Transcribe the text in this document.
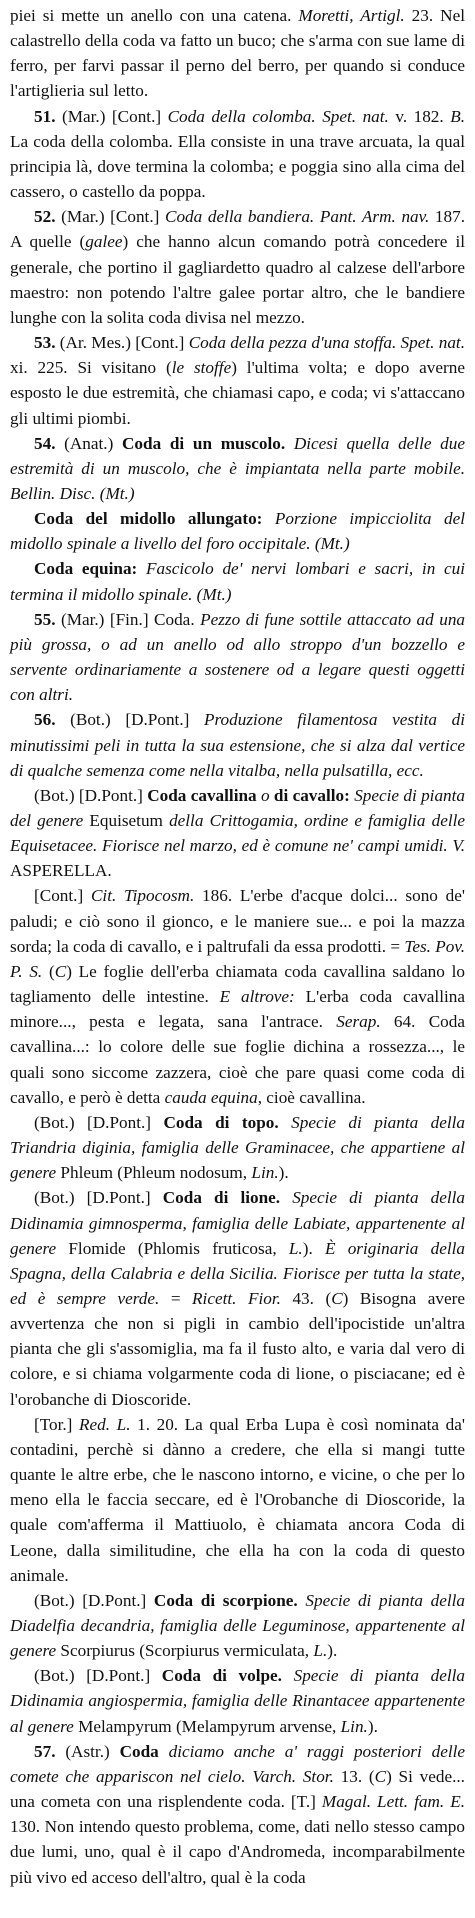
piei si mette un anello con una catena. Moretti, Artigl. 23. Nel calastrello della coda va fatto un buco; che s'arma con sue lame di ferro, per farvi passar il perno del berro, per quando si conduce l'artiglieria sul letto.

51. (Mar.) [Cont.] Coda della colomba. Spet. nat. v. 182. B. La coda della colomba. Ella consiste in una trave arcuata, la qual principia là, dove termina la colomba; e poggia sino alla cima del cassero, o castello da poppa.

52. (Mar.) [Cont.] Coda della bandiera. Pant. Arm. nav. 187. A quelle (galee) che hanno alcun comando potrà concedere il generale, che portino il gagliardetto quadro al calzese dell'arbore maestro: non potendo l'altre galee portar altro, che le bandiere lunghe con la solita coda divisa nel mezzo.

53. (Ar. Mes.) [Cont.] Coda della pezza d'una stoffa. Spet. nat. xi. 225. Si visitano (le stoffe) l'ultima volta; e dopo averne esposto le due estremità, che chiamasi capo, e coda; vi s'attaccano gli ultimi piombi.

54. (Anat.) Coda di un muscolo. Dicesi quella delle due estremità di un muscolo, che è impiantata nella parte mobile. Bellin. Disc. (Mt.)

Coda del midollo allungato: Porzione impicciolita del midollo spinale a livello del foro occipitale. (Mt.)

Coda equina: Fascicolo de' nervi lombari e sacri, in cui termina il midollo spinale. (Mt.)

55. (Mar.) [Fin.] Coda. Pezzo di fune sottile attaccato ad una più grossa, o ad un anello od allo stroppo d'un bozzello e servente ordinariamente a sostenere od a legare questi oggetti con altri.

56. (Bot.) [D.Pont.] Produzione filamentosa vestita di minutissimi peli in tutta la sua estensione, che si alza dal vertice di qualche semenza come nella vitalba, nella pulsatilla, ecc.

(Bot.) [D.Pont.] Coda cavallina o di cavallo: Specie di pianta del genere Equisetum della Crittogamia, ordine e famiglia delle Equisetacee. Fiorisce nel marzo, ed è comune ne' campi umidi. V. ASPERELLA.

[Cont.] Cit. Tipocosm. 186. L'erbe d'acque dolci... sono de' paludi; e ciò sono il gionco, e le maniere sue... e poi la mazza sorda; la coda di cavallo, e i paltrufali da essa prodotti. = Tes. Pov. P. S. (C) Le foglie dell'erba chiamata coda cavallina saldano lo tagliamento delle intestine. E altrove: L'erba coda cavallina minore..., pesta e legata, sana l'antrace. Serap. 64. Coda cavallina...: lo colore delle sue foglie dichina a rossezza..., le quali sono siccome zazzera, cioè che pare quasi come coda di cavallo, e però è detta cauda equina, cioè cavallina.

(Bot.) [D.Pont.] Coda di topo. Specie di pianta della Triandria diginia, famiglia delle Graminacee, che appartiene al genere Phleum (Phleum nodosum, Lin.).

(Bot.) [D.Pont.] Coda di lione. Specie di pianta della Didinamia gimnosperma, famiglia delle Labiate, appartenente al genere Flomide (Phlomis fruticosa, L.). È originaria della Spagna, della Calabria e della Sicilia. Fiorisce per tutta la state, ed è sempre verde. = Ricett. Fior. 43. (C) Bisogna avere avvertenza che non si pigli in cambio dell'ipocistide un'altra pianta che gli s'assomiglia, ma fa il fusto alto, e varia dal vero di colore, e si chiama volgarmente coda di lione, o pisciacane; ed è l'orobanche di Dioscoride.

[Tor.] Red. L. 1. 20. La qual Erba Lupa è così nominata da' contadini, perchè si dànno a credere, che ella si mangi tutte quante le altre erbe, che le nascono intorno, e vicine, o che per lo meno ella le faccia seccare, ed è l'Orobanche di Dioscoride, la quale com'afferma il Mattiuolo, è chiamata ancora Coda di Leone, dalla similitudine, che ella ha con la coda di questo animale.

(Bot.) [D.Pont.] Coda di scorpione. Specie di pianta della Diadelfia decandria, famiglia delle Leguminose, appartenente al genere Scorpiurus (Scorpiurus vermiculata, L.).

(Bot.) [D.Pont.] Coda di volpe. Specie di pianta della Didinamia angiospermia, famiglia delle Rinantacee appartenente al genere Melampyrum (Melampyrum arvense, Lin.).

57. (Astr.) Coda diciamo anche a' raggi posteriori delle comete che appariscon nel cielo. Varch. Stor. 13. (C) Si vede... una cometa con una risplendente coda. [T.] Magal. Lett. fam. E. 130. Non intendo questo problema, come, dati nello stesso campo due lumi, uno, qual è il capo d'Andromeda, incomparabilmente più vivo ed acceso dell'altro, qual è la coda
